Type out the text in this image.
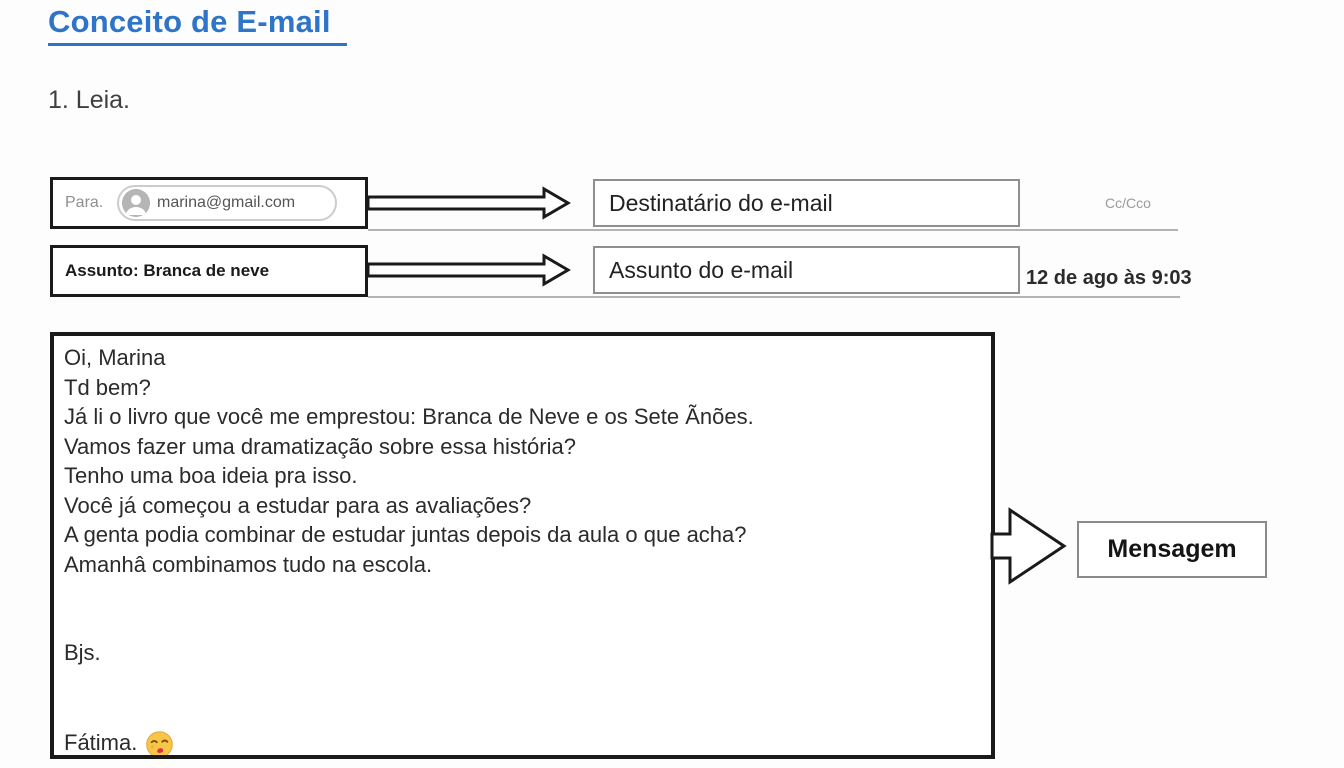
Conceito de E-mail
1. Leia.
Para.	marina@gmail.com	Destinatário do e-mail	Cc/Cco
Assunto: Branca de neve	Assunto do e-mail	12 de ago às 9:03
Oi, Marina
Td bem?
Já li o livro que você me emprestou: Branca de Neve e os Sete Ãnões.
Vamos fazer uma dramatização sobre essa história?
Tenho uma boa ideia pra isso.
Você já começou a estudar para as avaliações?
A genta podia combinar de estudar juntas depois da aula o que acha?
Amanhâ combinamos tudo na escola.
Bjs.
Fátima.
Mensagem
